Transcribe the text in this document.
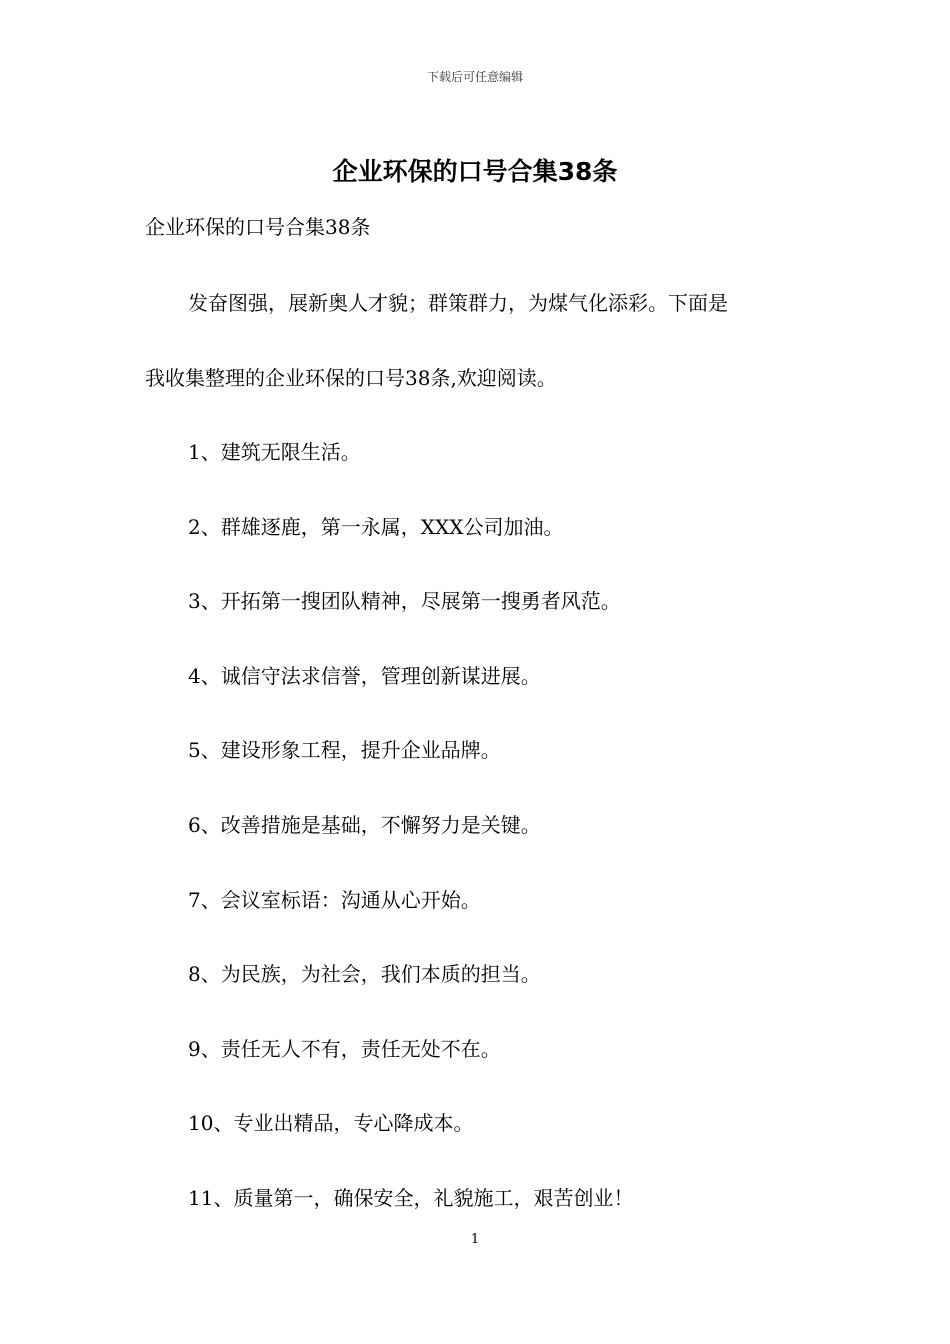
下载后可任意编辑
企业环保的口号合集38条
企业环保的口号合集38条
发奋图强，展新奥人才貌；群策群力，为煤气化添彩。下面是
我收集整理的企业环保的口号38条,欢迎阅读。
1、建筑无限生活。
2、群雄逐鹿，第一永属，XXX公司加油。
3、开拓第一搜团队精神，尽展第一搜勇者风范。
4、诚信守法求信誉，管理创新谋进展。
5、建设形象工程，提升企业品牌。
6、改善措施是基础，不懈努力是关键。
7、会议室标语：沟通从心开始。
8、为民族，为社会，我们本质的担当。
9、责任无人不有，责任无处不在。
10、专业出精品，专心降成本。
11、质量第一，确保安全，礼貌施工，艰苦创业！
1
